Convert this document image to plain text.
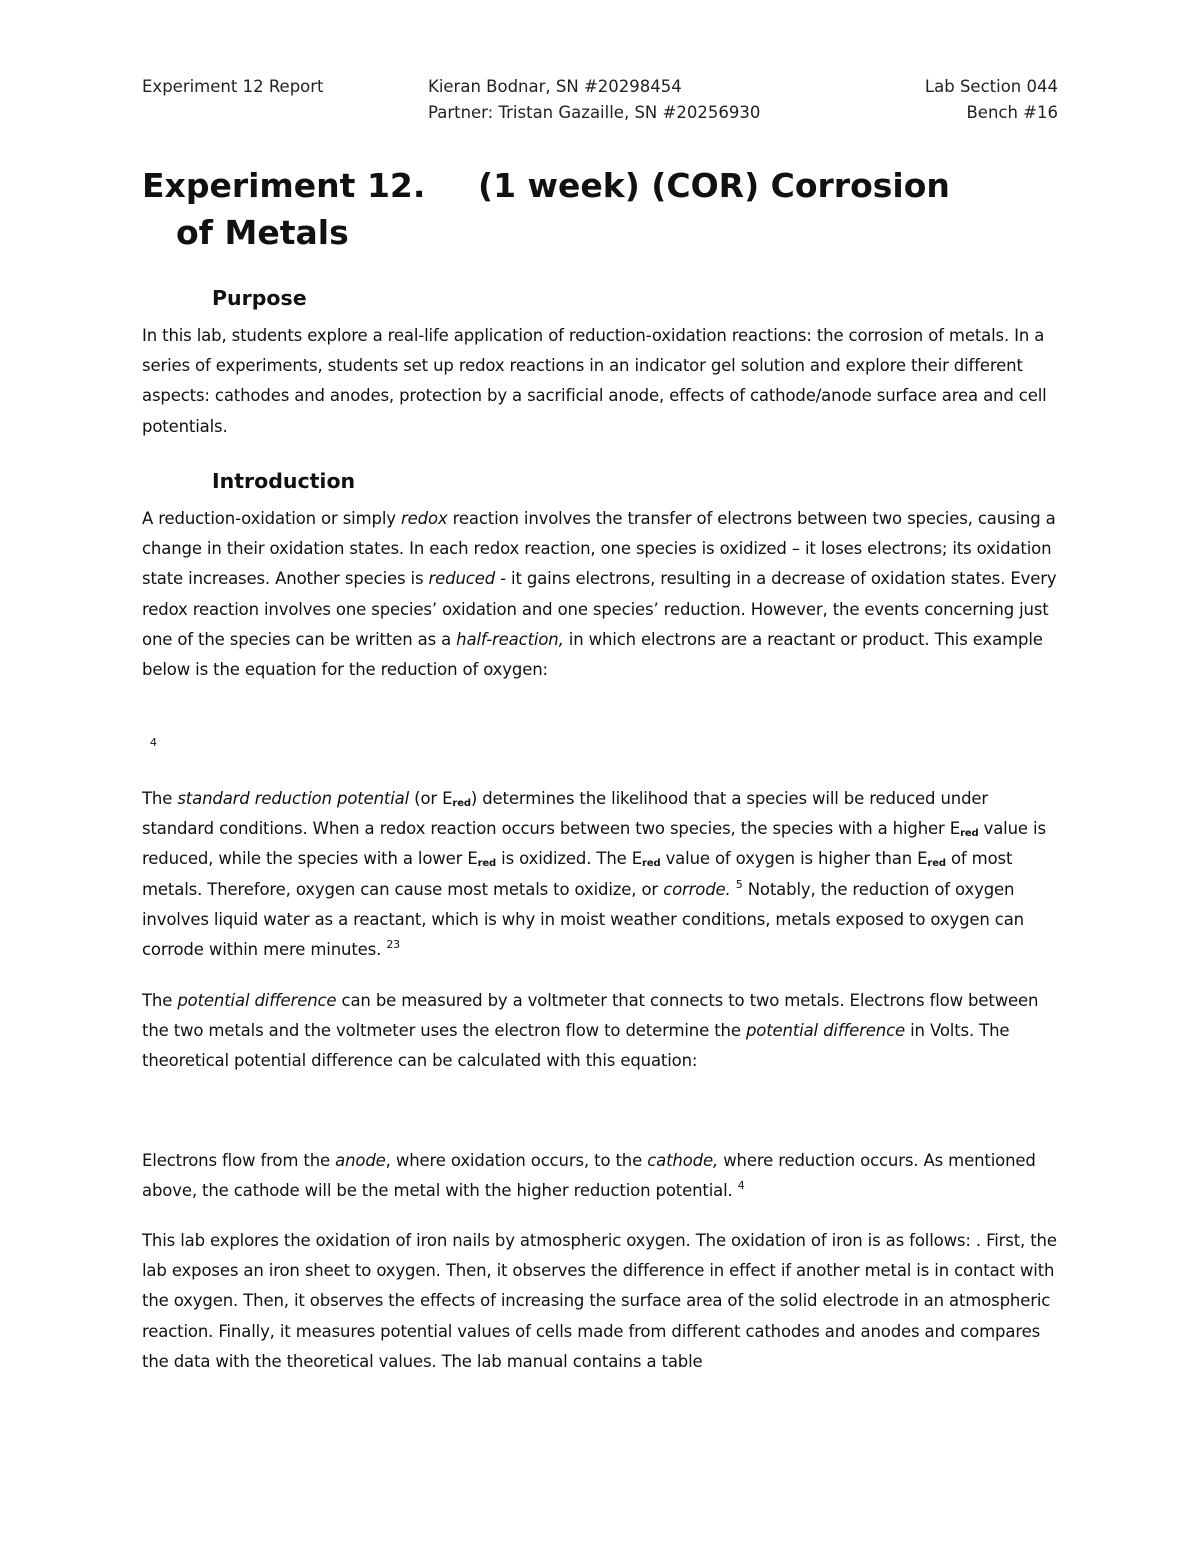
Experiment 12 Report	Kieran Bodnar, SN #20298454	Lab Section 044
Partner: Tristan Gazaille, SN #20256930	Bench #16
Experiment 12. (1 week) (COR) Corrosion
of Metals
Purpose

In this lab, students explore a real-life application of reduction-oxidation reactions: the corrosion of metals. In a series of experiments, students set up redox reactions in an indicator gel solution and explore their different aspects: cathodes and anodes, protection by a sacrificial anode, effects of cathode/anode surface area and cell potentials.

Introduction

A reduction-oxidation or simply redox reaction involves the transfer of electrons between two species, causing a change in their oxidation states. In each redox reaction, one species is oxidized – it loses electrons; its oxidation state increases. Another species is reduced - it gains electrons, resulting in a decrease of oxidation states. Every redox reaction involves one species’ oxidation and one species’ reduction. However, the events concerning just one of the species can be written as a half-reaction, in which electrons are a reactant or product. This example below is the equation for the reduction of oxygen:

4

The standard reduction potential (or $E_{red}$) determines the likelihood that a species will be reduced under standard conditions. When a redox reaction occurs between two species, the species with a higher $E_{red}$ value is reduced, while the species with a lower $E_{red}$ is oxidized. The $E_{red}$ value of oxygen is higher than $E_{red}$ of most metals. Therefore, oxygen can cause most metals to oxidize, or corrode. $^5$ Notably, the reduction of oxygen involves liquid water as a reactant, which is why in moist weather conditions, metals exposed to oxygen can corrode within mere minutes. $^{23}$

The potential difference can be measured by a voltmeter that connects to two metals. Electrons flow between the two metals and the voltmeter uses the electron flow to determine the potential difference in Volts. The theoretical potential difference can be calculated with this equation:

Electrons flow from the anode, where oxidation occurs, to the cathode, where reduction occurs. As mentioned above, the cathode will be the metal with the higher reduction potential. $^4$

This lab explores the oxidation of iron nails by atmospheric oxygen. The oxidation of iron is as follows: . First, the lab exposes an iron sheet to oxygen. Then, it observes the difference in effect if another metal is in contact with the oxygen. Then, it observes the effects of increasing the surface area of the solid electrode in an atmospheric reaction. Finally, it measures potential values of cells made from different cathodes and anodes and compares the data with the theoretical values. The lab manual contains a table
